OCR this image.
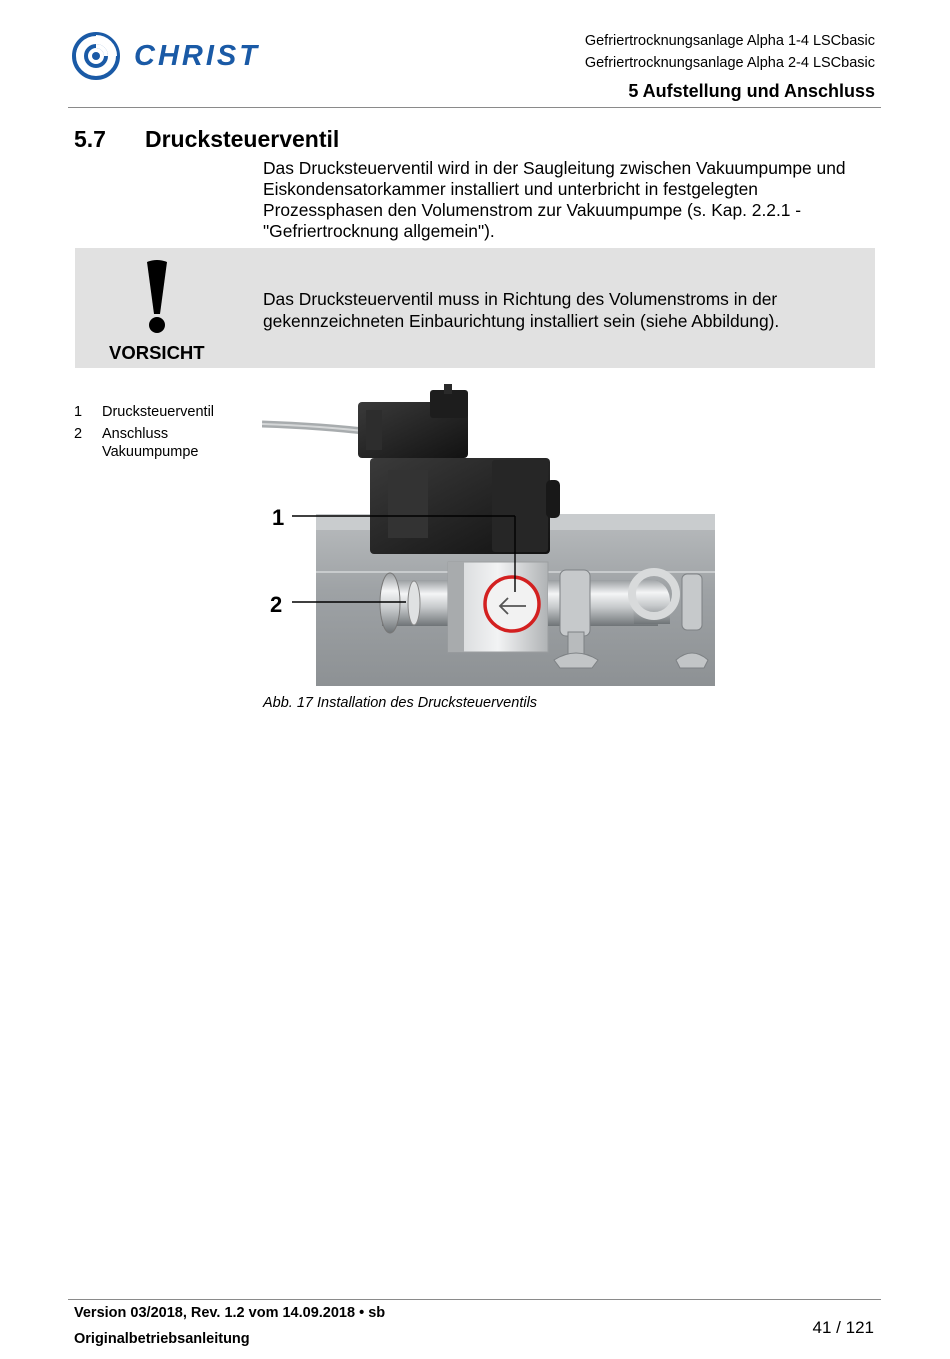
CHRIST	Gefriertrocknungsanlage Alpha 1-4 LSCbasic
Gefriertrocknungsanlage Alpha 2-4 LSCbasic
5 Aufstellung und Anschluss
5.7 Drucksteuerventil
Das Drucksteuerventil wird in der Saugleitung zwischen Vakuumpumpe und Eiskondensatorkammer installiert und unterbricht in festgelegten Prozessphasen den Volumenstrom zur Vakuumpumpe (s. Kap. 2.2.1 - "Gefriertrocknung allgemein").
Das Drucksteuerventil muss in Richtung des Volumenstroms in der gekennzeichneten Einbaurichtung installiert sein (siehe Abbildung).
VORSICHT
1	Drucksteuerventil
2	Anschluss Vakuumpumpe
1
2
Abb. 17 Installation des Drucksteuerventils
Version 03/2018, Rev. 1.2 vom 14.09.2018 • sb
Originalbetriebsanleitung
41 / 121
